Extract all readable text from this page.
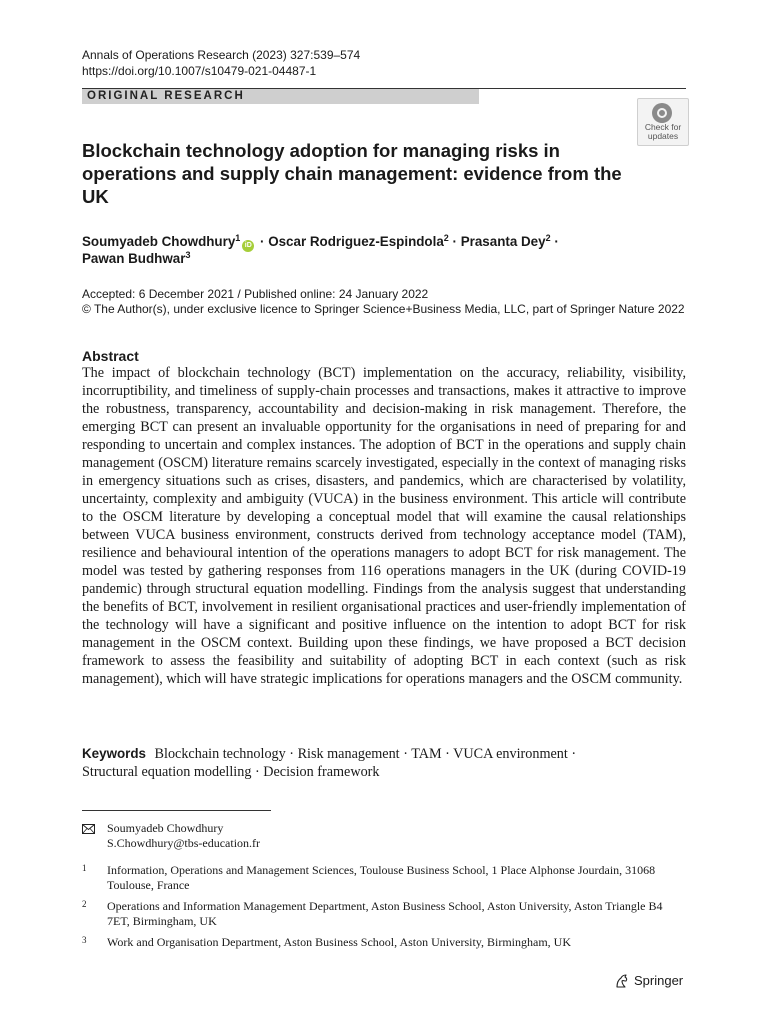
Annals of Operations Research (2023) 327:539–574
https://doi.org/10.1007/s10479-021-04487-1
ORIGINAL RESEARCH
Check for
updates
Blockchain technology adoption for managing risks in operations and supply chain management: evidence from the UK
Soumyadeb Chowdhury$^1$iD · Oscar Rodriguez-Espindola$^2$ · Prasanta Dey$^2$ ·
Pawan Budhwar$^3$
Accepted: 6 December 2021 / Published online: 24 January 2022
© The Author(s), under exclusive licence to Springer Science+Business Media, LLC, part of Springer Nature 2022
Abstract
The impact of blockchain technology (BCT) implementation on the accuracy, reliability, visibility, incorruptibility, and timeliness of supply-chain processes and transactions, makes it attractive to improve the robustness, transparency, accountability and decision-making in risk management. Therefore, the emerging BCT can present an invaluable opportunity for the organisations in need of preparing for and responding to uncertain and complex instances. The adoption of BCT in the operations and supply chain management (OSCM) literature remains scarcely investigated, especially in the context of managing risks in emergency situations such as crises, disasters, and pandemics, which are characterised by volatility, uncertainty, complexity and ambiguity (VUCA) in the business environment. This article will contribute to the OSCM literature by developing a conceptual model that will examine the causal relationships between VUCA business environment, constructs derived from technology acceptance model (TAM), resilience and behavioural intention of the operations managers to adopt BCT for risk management. The model was tested by gathering responses from 116 operations managers in the UK (during COVID-19 pandemic) through structural equation modelling. Findings from the analysis suggest that understanding the benefits of BCT, involvement in resilient organisational practices and user-friendly implementation of the technology will have a significant and positive influence on the intention to adopt BCT for risk management in the OSCM context. Building upon these findings, we have proposed a BCT decision framework to assess the feasibility and suitability of adopting BCT in each context (such as risk management), which will have strategic implications for operations managers and the OSCM community.
Keywords Blockchain technology · Risk management · TAM · VUCA environment ·
Structural equation modelling · Decision framework
Soumyadeb Chowdhury
S.Chowdhury@tbs-education.fr
1 Information, Operations and Management Sciences, Toulouse Business School, 1 Place Alphonse Jourdain, 31068 Toulouse, France
2 Operations and Information Management Department, Aston Business School, Aston University, Aston Triangle B4 7ET, Birmingham, UK
3 Work and Organisation Department, Aston Business School, Aston University, Birmingham, UK
Springer
